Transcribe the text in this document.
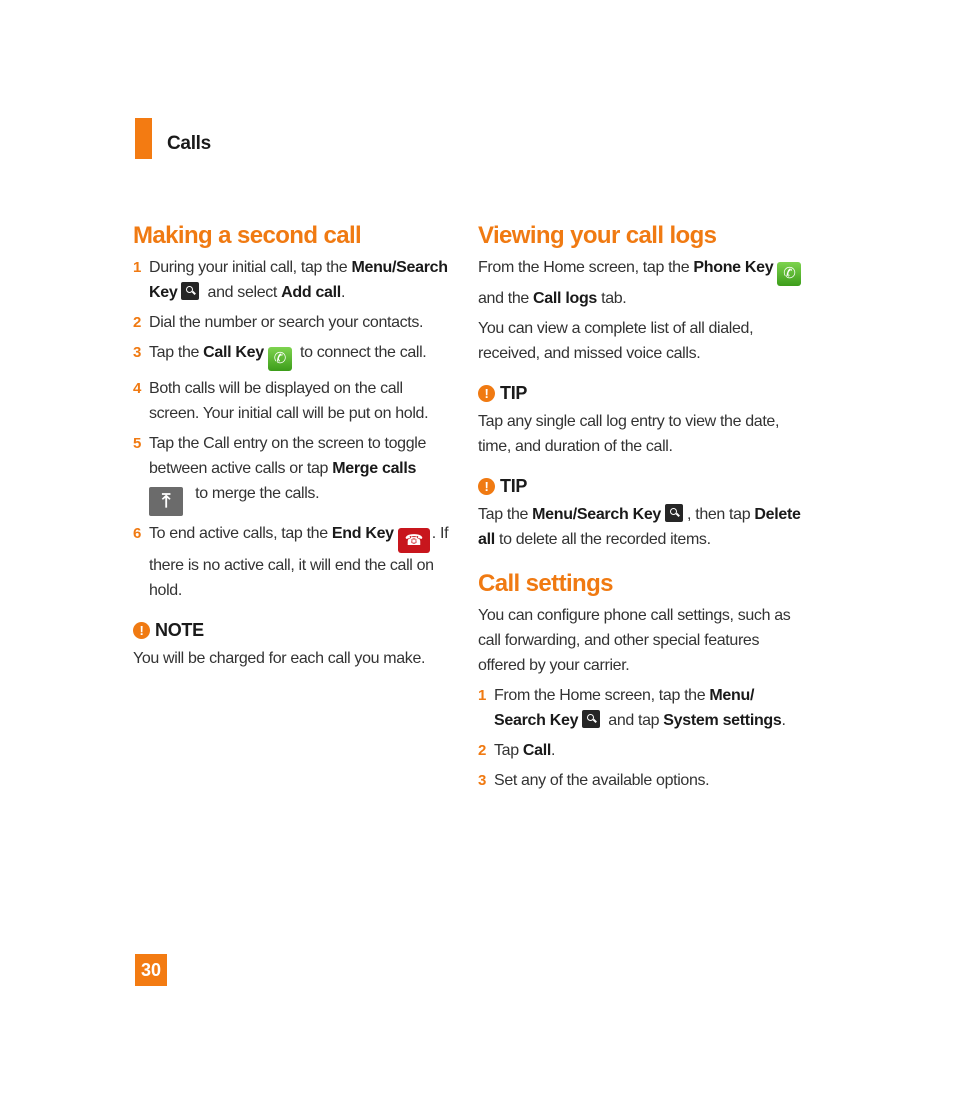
Calls
Making a second call
1 During your initial call, tap the Menu/Search Key and select Add call.
2 Dial the number or search your contacts.
3 Tap the Call Key ✆ to connect the call.
4 Both calls will be displayed on the call screen. Your initial call will be put on hold.
5 Tap the Call entry on the screen to toggle between active calls or tap Merge calls
⤒ to merge the calls.
6 To end active calls, tap the End Key ☎ . If there is no active call, it will end the call on hold.
! NOTE

You will be charged for each call you make.

Viewing your call logs

From the Home screen, tap the Phone Key ✆ and the Call logs tab.

You can view a complete list of all dialed, received, and missed voice calls.

! TIP

Tap any single call log entry to view the date, time, and duration of the call.

! TIP

Tap the Menu/Search Key , then tap Delete all to delete all the recorded items.

Call settings

You can configure phone call settings, such as call forwarding, and other special features offered by your carrier.

1 From the Home screen, tap the Menu/ Search Key and tap System settings.
2 Tap Call.
3 Set any of the available options.
30
